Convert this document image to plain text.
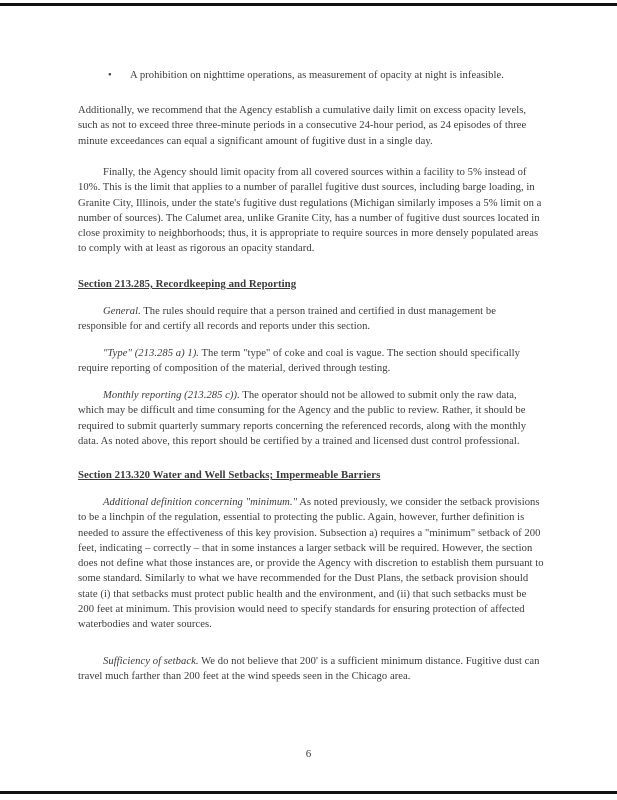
• A prohibition on nighttime operations, as measurement of opacity at night is infeasible.

Additionally, we recommend that the Agency establish a cumulative daily limit on excess opacity levels, such as not to exceed three three-minute periods in a consecutive 24-hour period, as 24 episodes of three minute exceedances can equal a significant amount of fugitive dust in a single day.

Finally, the Agency should limit opacity from all covered sources within a facility to 5% instead of 10%. This is the limit that applies to a number of parallel fugitive dust sources, including barge loading, in Granite City, Illinois, under the state's fugitive dust regulations (Michigan similarly imposes a 5% limit on a number of sources). The Calumet area, unlike Granite City, has a number of fugitive dust sources located in close proximity to neighborhoods; thus, it is appropriate to require sources in more densely populated areas to comply with at least as rigorous an opacity standard.

Section 213.285, Recordkeeping and Reporting

General. The rules should require that a person trained and certified in dust management be responsible for and certify all records and reports under this section.

"Type" (213.285 a) 1). The term "type" of coke and coal is vague. The section should specifically require reporting of composition of the material, derived through testing.

Monthly reporting (213.285 c)). The operator should not be allowed to submit only the raw data, which may be difficult and time consuming for the Agency and the public to review. Rather, it should be required to submit quarterly summary reports concerning the referenced records, along with the monthly data. As noted above, this report should be certified by a trained and licensed dust control professional.

Section 213.320 Water and Well Setbacks; Impermeable Barriers

Additional definition concerning "minimum." As noted previously, we consider the setback provisions to be a linchpin of the regulation, essential to protecting the public. Again, however, further definition is needed to assure the effectiveness of this key provision. Subsection a) requires a "minimum" setback of 200 feet, indicating – correctly – that in some instances a larger setback will be required. However, the section does not define what those instances are, or provide the Agency with discretion to establish them pursuant to some standard. Similarly to what we have recommended for the Dust Plans, the setback provision should state (i) that setbacks must protect public health and the environment, and (ii) that such setbacks must be 200 feet at minimum. This provision would need to specify standards for ensuring protection of affected waterbodies and water sources.

Sufficiency of setback. We do not believe that 200' is a sufficient minimum distance. Fugitive dust can travel much farther than 200 feet at the wind speeds seen in the Chicago area.

6
